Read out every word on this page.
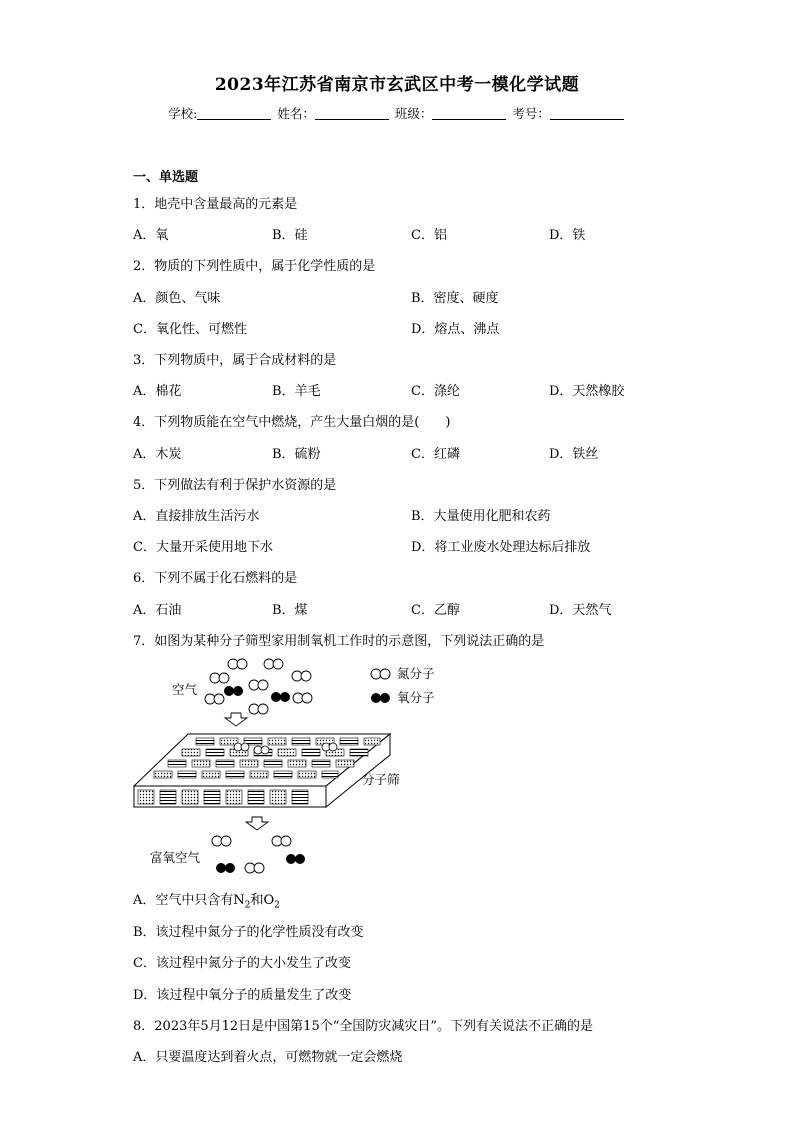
2023年江苏省南京市玄武区中考一模化学试题
学校:	姓名：	班级：	考号：
一、单选题
1．地壳中含量最高的元素是
A．氧	B．硅	C．铝	D．铁
2．物质的下列性质中，属于化学性质的是
A．颜色、气味	B．密度、硬度
C．氧化性、可燃性	D．熔点、沸点
3．下列物质中，属于合成材料的是
A．棉花	B．羊毛	C．涤纶	D．天然橡胶
4．下列物质能在空气中燃烧，产生大量白烟的是(　　)
A．木炭	B．硫粉	C．红磷	D．铁丝
5．下列做法有利于保护水资源的是
A．直接排放生活污水	B．大量使用化肥和农药
C．大量开采使用地下水	D．将工业废水处理达标后排放
6．下列不属于化石燃料的是
A．石油	B．煤	C．乙醇	D．天然气
7．如图为某种分子筛型家用制氧机工作时的示意图，下列说法正确的是
空气
氮分子
氧分子
分子筛
富氧空气
A．空气中只含有$N_2$和$O_2$
B．该过程中氮分子的化学性质没有改变
C．该过程中氮分子的大小发生了改变
D．该过程中氧分子的质量发生了改变
8．2023年5月12日是中国第15个“全国防灾减灾日”。下列有关说法不正确的是
A．只要温度达到着火点，可燃物就一定会燃烧
